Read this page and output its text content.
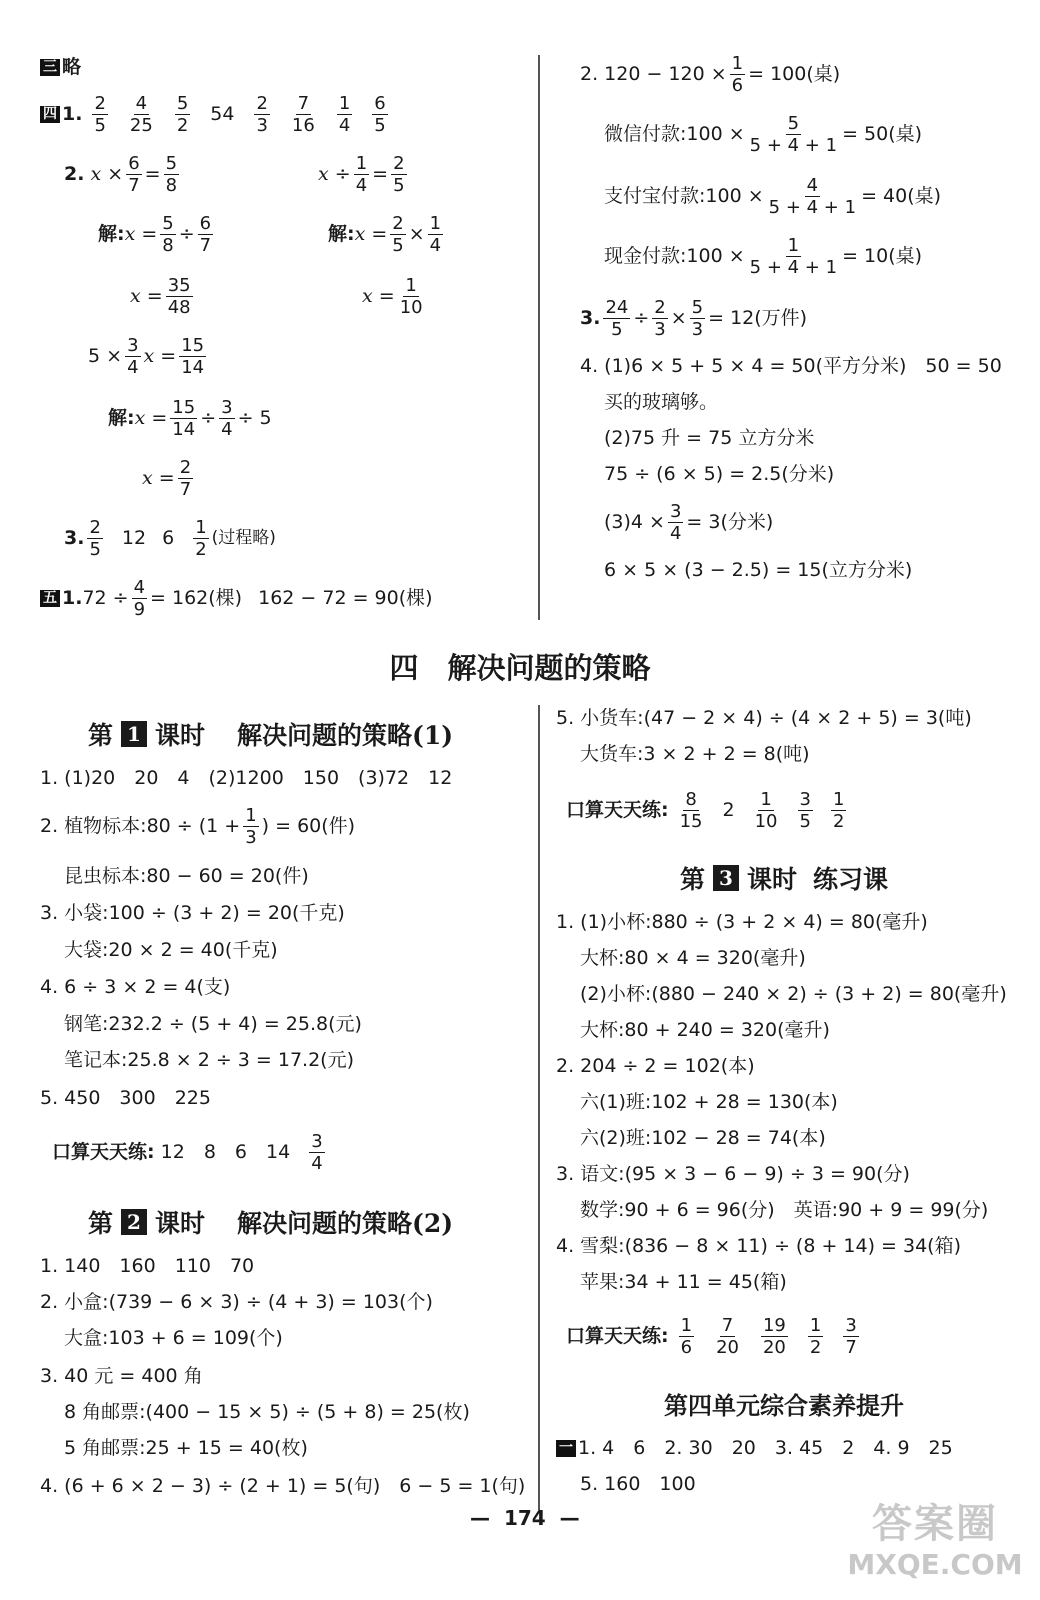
三 略
四 1. $\frac{2}{5} \frac{4}{25} \frac{5}{2} 54 \frac{2}{3} \frac{7}{16} \frac{1}{4} \frac{6}{5}$
2.
x
× $\frac{6}{7} = \frac{5}{8}$	x
÷ $\frac{1}{4} = \frac{2}{5}$
解: x
= $\frac{5}{8} \div \frac{6}{7}$	解: x
= $\frac{2}{5} \times \frac{1}{4}$
x
= $\frac{35}{48}$	x
= $\frac{1}{10}$
5
× $\frac{3}{4}$ x
= $\frac{15}{14}$
解: x
= $\frac{15}{14} \div \frac{3}{4}$ ÷
5
x
= $\frac{2}{7}$
3. $\frac{2}{5} 12$ $6 \frac{1}{2}$ (过程略)
五 1. $72 \div \frac{4}{9} = 162$(棵) 162 − 72 = 90(棵)
2. $120 - 120 \times \frac{1}{6} = 100$(桌)
微信付款:100 × $\frac{5}{5 + 4 + 1} = 50$(桌)
支付宝付款:100 × $\frac{4}{5 + 4 + 1} = 40$(桌)
现金付款:100 × $\frac{1}{5 + 4 + 1} = 10$(桌)
3. $\frac{24}{5} \div \frac{2}{3} \times \frac{5}{3} = 12$(万件)
4. (1)6 × 5 + 5 × 4 = 50(平方分米)　50 = 50
买的玻璃够。
(2)75 升 = 75 立方分米
75 ÷ (6 × 5) = 2.5(分米)
$(3)4 \times \frac{3}{4} = 3$(分米)
6 × 5 × (3 − 2.5) = 15(立方分米)
四　解决问题的策略
第 1 课时 解决问题的策略(1)
1. (1)20　20　4　(2)1200　150　(3)72　12
2. 植物标本:80 ÷ ($1 + \frac{1}{3}$ ) = 60(件)
昆虫标本:80 − 60 = 20(件)
3. 小袋:100 ÷ (3 + 2) = 20(千克)
大袋:20 × 2 = 40(千克)
4. 6 ÷ 3 × 2 = 4(支)
钢笔:232.2 ÷ (5 + 4) = 25.8(元)
笔记本:25.8 × 2 ÷ 3 = 17.2(元)
5. 450　300　225
口算天天练:
12　8　6　$14 \frac{3}{4}$
第 2 课时 解决问题的策略(2)
1. 140　160　110　70
2. 小盒:(739 − 6 × 3) ÷ (4 + 3) = 103(个)
大盒:103 + 6 = 109(个)
3. 40 元 = 400 角
8 角邮票:(400 − 15 × 5) ÷ (5 + 8) = 25(枚)
5 角邮票:25 + 15 = 40(枚)
4. (6 + 6 × 2 − 3) ÷ (2 + 1) = 5(句)　6 − 5 = 1(句)
5. 小货车:(47 − 2 × 4) ÷ (4 × 2 + 5) = 3(吨)
大货车:3 × 2 + 2 = 8(吨)
口算天天练: $\frac{8}{15} 2 \frac{1}{10} \frac{3}{5} \frac{1}{2}$
第 3 课时 练习课
1. (1)小杯:880 ÷ (3 + 2 × 4) = 80(毫升)
大杯:80 × 4 = 320(毫升)
(2)小杯:(880 − 240 × 2) ÷ (3 + 2) = 80(毫升)
大杯:80 + 240 = 320(毫升)
2. 204 ÷ 2 = 102(本)
六(1)班:102 + 28 = 130(本)
六(2)班:102 − 28 = 74(本)
3. 语文:(95 × 3 − 6 − 9) ÷ 3 = 90(分)
数学:90 + 6 = 96(分)　英语:90 + 9 = 99(分)
4. 雪梨:(836 − 8 × 11) ÷ (8 + 14) = 34(箱)
苹果:34 + 11 = 45(箱)
口算天天练: $\frac{1}{6} \frac{7}{20} \frac{19}{20} \frac{1}{2} \frac{3}{7}$
第四单元综合素养提升
一 1. 4　6　2. 30　20　3. 45　2　4. 9　25
5. 160　100
—
174
—	答案圈
MXQE.COM
